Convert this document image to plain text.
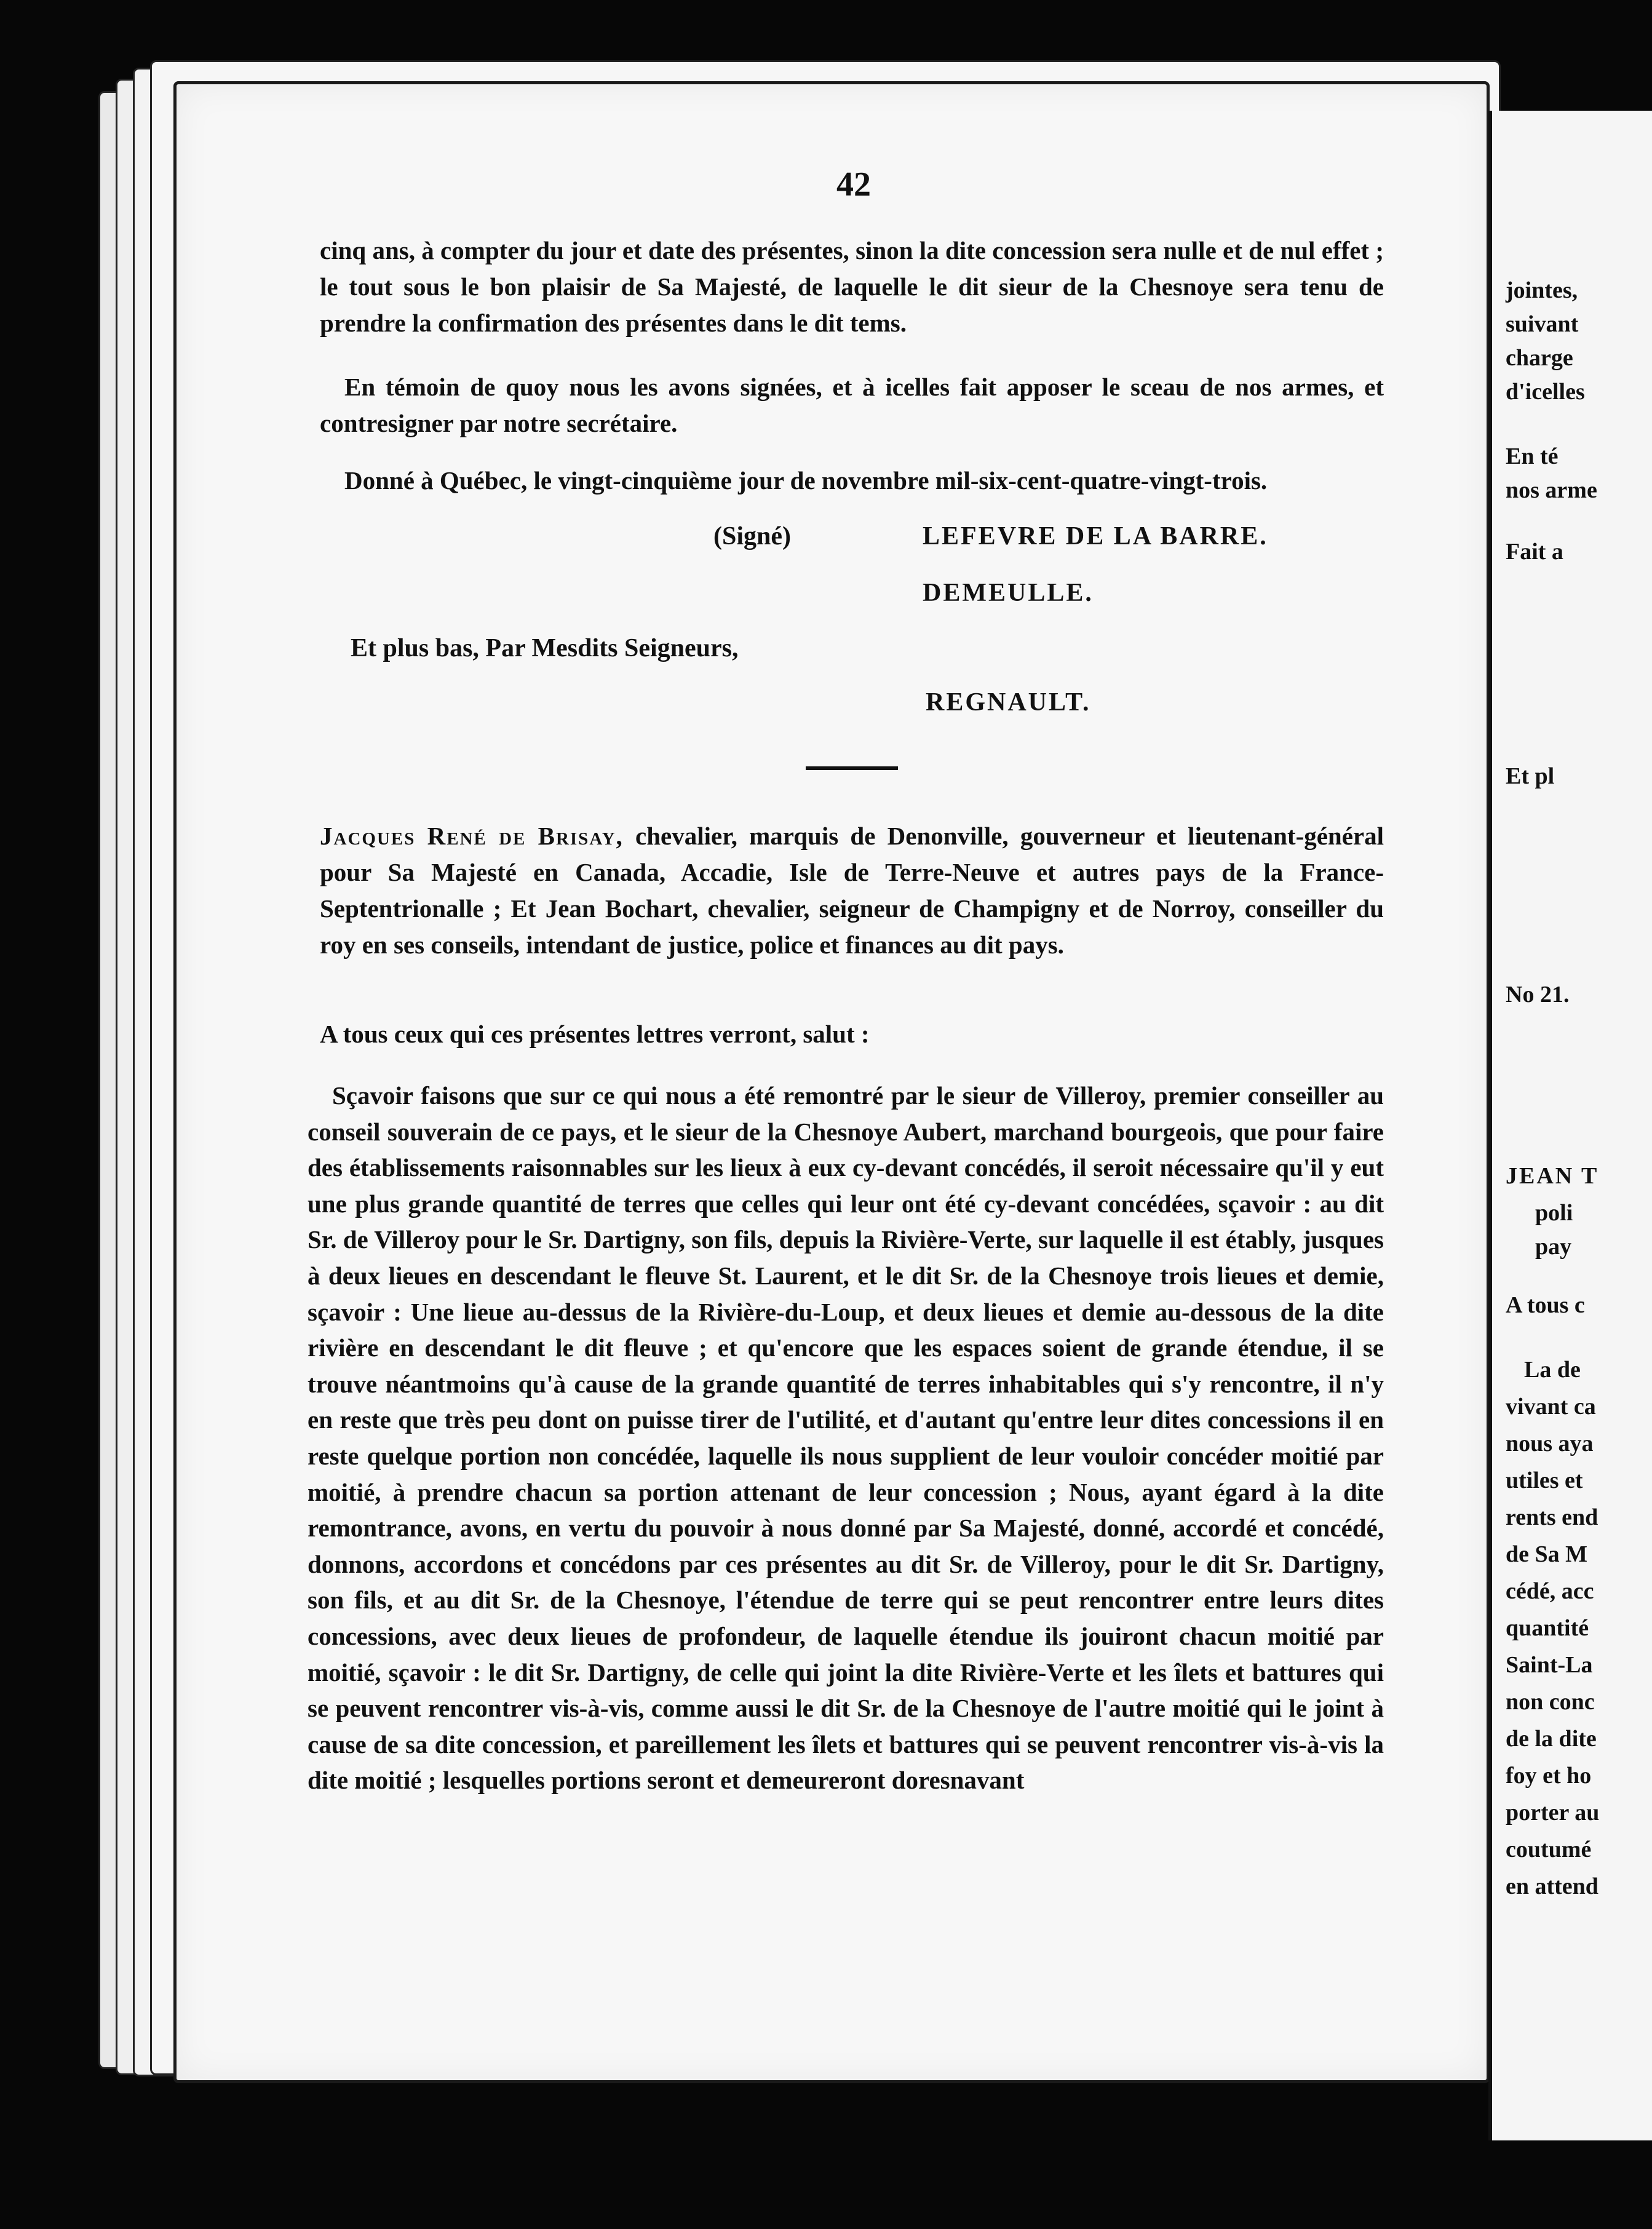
42

cinq ans, à compter du jour et date des présentes, sinon la dite concession sera nulle et de nul effet ; le tout sous le bon plaisir de Sa Majesté, de laquelle le dit sieur de la Chesnoye sera tenu de prendre la confirmation des présentes dans le dit tems.

En témoin de quoy nous les avons signées, et à icelles fait apposer le sceau de nos armes, et contresigner par notre secrétaire.

Donné à Québec, le vingt-cinquième jour de novembre mil-six-cent-quatre-vingt-trois.

(Signé)	LEFEVRE DE LA BARRE.
DEMEULLE.
Et plus bas, Par Mesdits Seigneurs,
REGNAULT.

Jacques René de Brisay, chevalier, marquis de Denonville, gouverneur et lieutenant-général pour Sa Majesté en Canada, Accadie, Isle de Terre-Neuve et autres pays de la France-Septentrionalle ; Et Jean Bochart, chevalier, seigneur de Champigny et de Norroy, conseiller du roy en ses conseils, intendant de justice, police et finances au dit pays.

A tous ceux qui ces présentes lettres verront, salut :

Sçavoir faisons que sur ce qui nous a été remontré par le sieur de Villeroy, premier conseiller au conseil souverain de ce pays, et le sieur de la Chesnoye Aubert, marchand bourgeois, que pour faire des établissements raisonnables sur les lieux à eux cy-devant concédés, il seroit nécessaire qu'il y eut une plus grande quantité de terres que celles qui leur ont été cy-devant concédées, sçavoir : au dit Sr. de Villeroy pour le Sr. Dartigny, son fils, depuis la Rivière-Verte, sur laquelle il est étably, jusques à deux lieues en descendant le fleuve St. Laurent, et le dit Sr. de la Chesnoye trois lieues et demie, sçavoir : Une lieue au-dessus de la Rivière-du-Loup, et deux lieues et demie au-dessous de la dite rivière en descendant le dit fleuve ; et qu'encore que les espaces soient de grande étendue, il se trouve néantmoins qu'à cause de la grande quantité de terres inhabitables qui s'y rencontre, il n'y en reste que très peu dont on puisse tirer de l'utilité, et d'autant qu'entre leur dites concessions il en reste quelque portion non concédée, laquelle ils nous supplient de leur vouloir concéder moitié par moitié, à prendre chacun sa portion attenant de leur concession ; Nous, ayant égard à la dite remontrance, avons, en vertu du pouvoir à nous donné par Sa Majesté, donné, accordé et concédé, donnons, accordons et concédons par ces présentes au dit Sr. de Villeroy, pour le dit Sr. Dartigny, son fils, et au dit Sr. de la Chesnoye, l'étendue de terre qui se peut rencontrer entre leurs dites concessions, avec deux lieues de profondeur, de laquelle étendue ils jouiront chacun moitié par moitié, sçavoir : le dit Sr. Dartigny, de celle qui joint la dite Rivière-Verte et les îlets et battures qui se peuvent rencontrer vis-à-vis, comme aussi le dit Sr. de la Chesnoye de l'autre moitié qui le joint à cause de sa dite concession, et pareillement les îlets et battures qui se peuvent rencontrer vis-à-vis la dite moitié ; lesquelles portions seront et demeureront doresnavant

jointes,
suivant
charge
d'icelles
En té
nos arme
Fait a
Et pl
No 21.
JEAN T
poli
pay
A tous c
La de
vivant ca
nous aya
utiles et
rents end
de Sa M
cédé, acc
quantité
Saint-La
non conc
de la dite
foy et ho
porter au
coutumé
en attend
